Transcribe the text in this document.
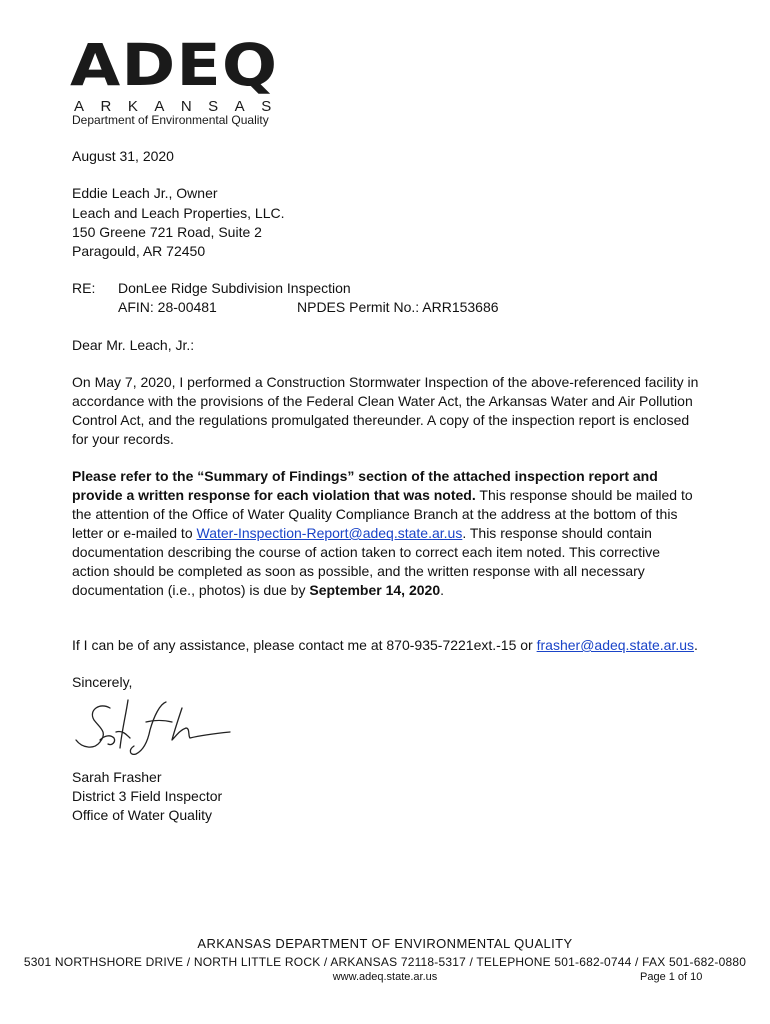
ADEQ
ARKANSAS
Department of Environmental Quality
August 31, 2020
Eddie Leach Jr., Owner
Leach and Leach Properties, LLC.
150 Greene 721 Road, Suite 2
Paragould, AR 72450
RE: DonLee Ridge Subdivision Inspection
AFIN: 28-00481	NPDES Permit No.: ARR153686
Dear Mr. Leach, Jr.:
On May 7, 2020, I performed a Construction Stormwater Inspection of the above-referenced facility in
accordance with the provisions of the Federal Clean Water Act, the Arkansas Water and Air Pollution
Control Act, and the regulations promulgated thereunder. A copy of the inspection report is enclosed
for your records.
Please refer to the “Summary of Findings” section of the attached inspection report and
provide a written response for each violation that was noted. This response should be mailed to
the attention of the Office of Water Quality Compliance Branch at the address at the bottom of this
letter or e-mailed to Water-Inspection-Report@adeq.state.ar.us. This response should contain
documentation describing the course of action taken to correct each item noted. This corrective
action should be completed as soon as possible, and the written response with all necessary
documentation (i.e., photos) is due by September 14, 2020.
If I can be of any assistance, please contact me at 870-935-7221ext.-15 or frasher@adeq.state.ar.us.
Sincerely,
Sarah Frasher
District 3 Field Inspector
Office of Water Quality
ARKANSAS DEPARTMENT OF ENVIRONMENTAL QUALITY
5301 NORTHSHORE DRIVE / NORTH LITTLE ROCK / ARKANSAS 72118-5317 / TELEPHONE 501-682-0744 / FAX 501-682-0880
www.adeq.state.ar.us	Page 1 of 10
